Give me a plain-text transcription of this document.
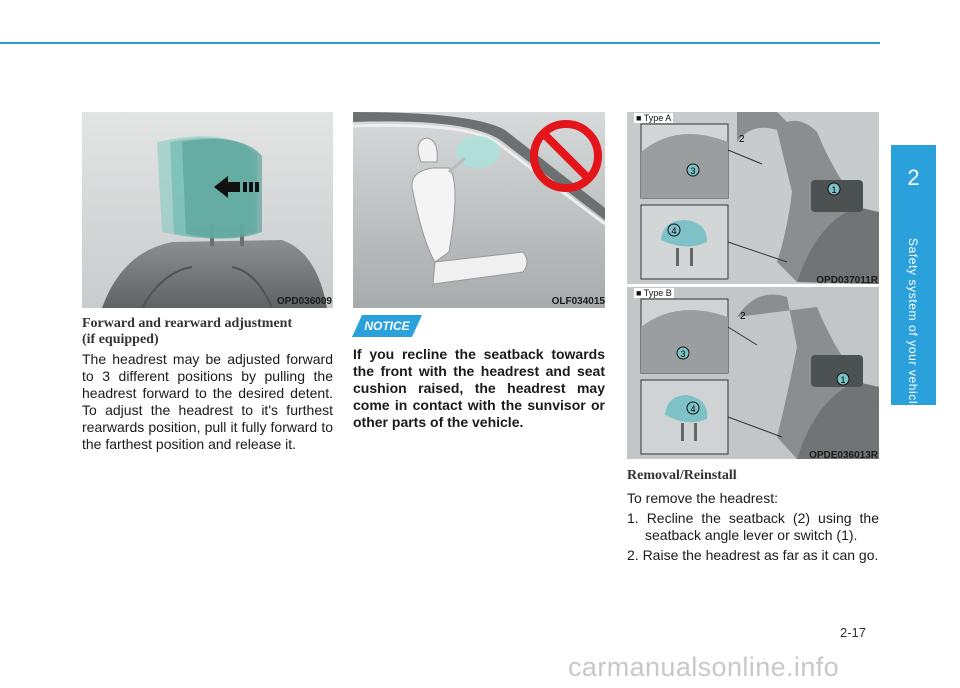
OPD036009	OLF034015
3
4
1
2
■ Type A
OPD037011R
3
4
1
2
■ Type B
OPDE036013R
Forward and rearward adjustment
(if equipped)
The headrest may be adjusted forward to 3 different positions by pulling the headrest forward to the desired detent. To adjust the headrest to it's furthest rearwards position, pull it fully forward to the farthest position and release it.
NOTICE
If you recline the seatback towards the front with the headrest and seat cushion raised, the headrest may come in contact with the sunvisor or other parts of the vehicle.
Removal/Reinstall
To remove the headrest:
1. Recline the seatback (2) using the seatback angle lever or switch (1).
2. Raise the headrest as far as it can go.
2
Safety system of your vehicle
2-17
carmanualsonline.info
